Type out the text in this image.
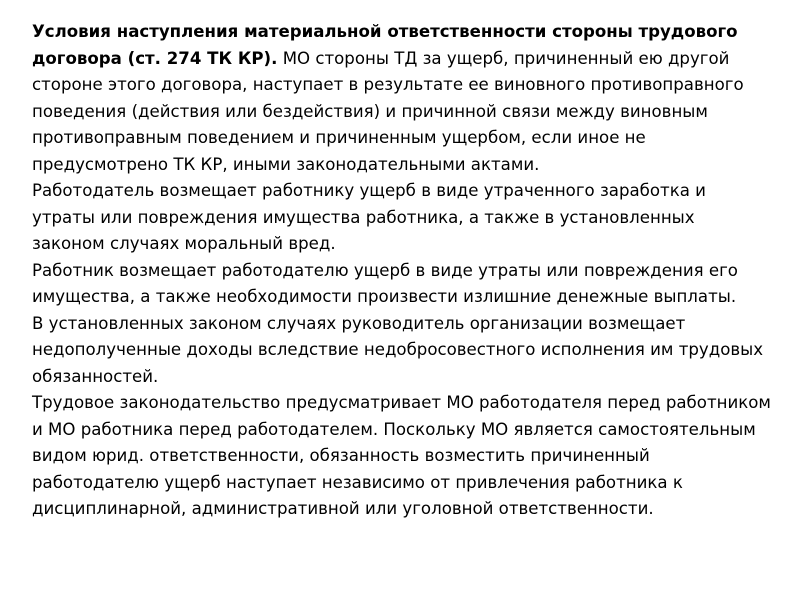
Условия наступления материальной ответственности стороны трудового договора (ст. 274 ТК КР). МО стороны ТД за ущерб, причиненный ею другой стороне этого договора, наступает в результате ее виновного противоправного поведения (действия или бездействия) и причинной связи между виновным противоправным поведением и причиненным ущербом, если иное не предусмотрено ТК КР, иными законодательными актами.

Работодатель возмещает работнику ущерб в виде утраченного заработка и утраты или повреждения имущества работника, а также в установленных законом случаях моральный вред.

Работник возмещает работодателю ущерб в виде утраты или повреждения его имущества, а также необходимости произвести излишние денежные выплаты.

В установленных законом случаях руководитель организации возмещает недополученные доходы вследствие недобросовестного исполнения им трудовых обязанностей.

Трудовое законодательство предусматривает МО работодателя перед работником и МО работника перед работодателем. Поскольку МО является самостоятельным видом юрид. ответственности, обязанность возместить причиненный работодателю ущерб наступает независимо от привлечения работника к дисциплинарной, административной или уголовной ответственности.
